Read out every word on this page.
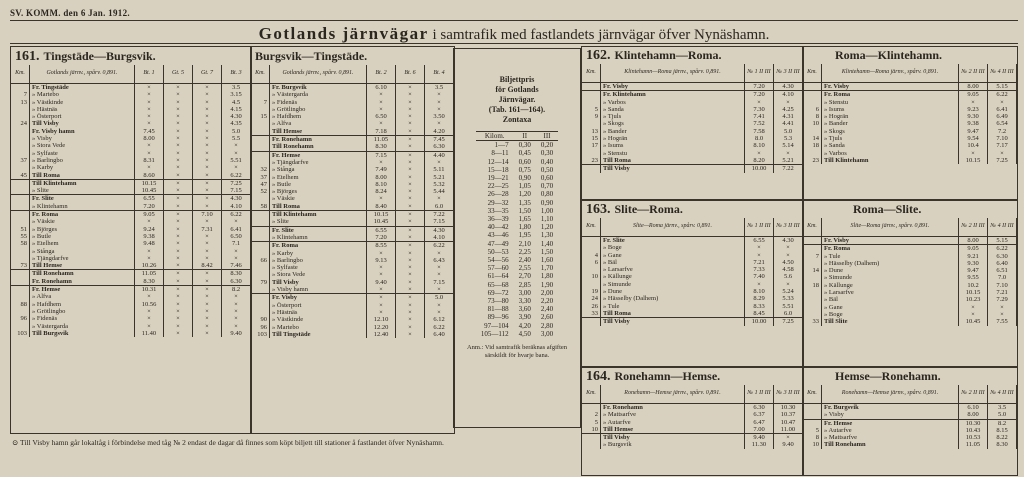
SV. KOMM. den 6 Jan. 1912.
Gotlands järnvägar i samtrafik med fastlandets järnvägar öfver Nynäshamn.
161. Tingstäde—Burgsvik.
Km.	Gotlands järnv., spårv. 0,891.	Bt. 1	Gt. 5	Gt. 7	Bt. 3
	Fr. Tingstäde	×	×	×	3.5
7	» Martebo	×	×	×	3.15
13	» Västkinde	×	×	×	4.5
	» Hästnäs	×	×	×	4.15
	» Österport	×	×	×	4.30
24	Till Visby	×	×	×	4.35
	Fr. Visby hamn	7.45	×	×	5.0
	» Visby	8.00	×	×	5.5
	» Stora Vede	×	×	×	×
	» Sylfaste	×	×	×	×
37	» Barlingbo	8.31	×	×	5.51
	» Karby	×	×	×	×
45	Till Roma	8.60	×	×	6.22
	Till Klintehamn	10.15	×	×	7.25
	» Slite	10.45	×	×	7.15
	Fr. Slite	6.55	×	×	4.30
	» Klintehamn	7.20	×	×	4.10
	Fr. Roma	9.05	×	7.10	6.22
	» Väskie	×	×	×	×
51	» Björges	9.24	×	7.31	6.41
55	» Butle	9.38	×	×	6.50
58	» Etelhem	9.48	×	×	7.1
	» Stånga	×	×	×	×
	» Tjängdarfve	×	×	×	×
73	Till Hemse	10.26	×	8.42	7.46
	Till Ronehamn	11.05	×	×	8.30
	Fr. Ronehamn	8.30	×	×	6.30
	Fr. Hemse	10.31	×	×	8.2
	» Alfva	×	×	×	×
88	» Hafdhem	10.56	×	×	×
	» Grötlingbo	×	×	×	×
96	» Fidenäs	×	×	×	×
	» Västergarda	×	×	×	×
103	Till Burgsvik	11.40	×	×	9.40
Burgsvik—Tingstäde.
Km.	Gotlands järnv., spårv. 0,891.	Bt. 2	Bt. 6	Bt. 4
	Fr. Burgsvik	6.10	×	3.5
	» Västergarda	×	×	×
7	» Fidenäs	×	×	×
	» Grötlingbo	×	×	×
15	» Hafdhem	6.50	×	3.50
	» Alfva	×	×	×
	Till Hemse	7.18	×	4.20
	Fr. Ronehamn	11.05	×	7.45
	Till Ronehamn	8.30	×	6.30
	Fr. Hemse	7.15	×	4.40
	» Tjängdarfve	×	×	×
32	» Stånga	7.49	×	5.11
37	» Etelhem	8.00	×	5.21
47	» Butle	8.10	×	5.32
52	» Björges	8.24	×	5.44
	» Väskie	×	×	×
58	Till Roma	8.40	×	6.0
	Till Klintehamn	10.15	×	7.22
	» Slite	10.45	×	7.15
	Fr. Slite	6.55	×	4.30
	» Klintehamn	7.20	×	4.10
	Fr. Roma	8.55	×	6.22
	» Karby	×	×	×
66	» Barlingbo	9.13	×	6.43
	» Sylfaste	×	×	×
	» Stora Vede	×	×	×
79	Till Visby	9.40	×	7.15
	» Visby hamn	×	×	×
	Fr. Visby	×	×	5.0
	» Österport	×	×	×
	» Hästnäs	×	×	×
90	» Västkinde	12.10	×	6.12
96	» Martebo	12.20	×	6.22
103	Till Tingstäde	12.40	×	6.40
Biljettpris
för Gotlands
Järnvägar.
(Tab. 161—164).
Zontaxa
Kilom.	II	III
1—7	0,30	0,20
8—11	0,45	0,30
12—14	0,60	0,40
15—18	0,75	0,50
19—21	0,90	0,60
22—25	1,05	0,70
26—28	1,20	0,80
29—32	1,35	0,90
33—35	1,50	1,00
36—39	1,65	1,10
40—42	1,80	1,20
43—46	1,95	1,30
47—49	2,10	1,40
50—53	2,25	1,50
54—56	2,40	1,60
57—60	2,55	1,70
61—64	2,70	1,80
65—68	2,85	1,90
69—72	3,00	2,00
73—80	3,30	2,20
81—88	3,60	2,40
89—96	3,90	2,60
97—104	4,20	2,80
105—112	4,50	3,00
Anm.: Vid samtrafik beräknas afgiften särskildt för hvarje bana.
162. Klintehamn—Roma.
Km.	Klintehamn—Roma järnv., spårv. 0,891.	№ 1 II III	№ 3 II III
	Fr. Visby	7.20	4.30
	Fr. Klintehamn	7.20	4.10
	» Varbos	×	×
5	» Sanda	7.30	4.25
9	» Tjuls	7.41	4.31
	» Skogs	7.52	4.41
13	» Bander	7.58	5.0
15	» Hogrän	8.0	5.3
17	» Isums	8.10	5.14
	» Stenstu	×	×
23	Till Roma	8.20	5.21
	Till Visby	10.00	7.22
Roma—Klintehamn.
Km.	Klintehamn—Roma järnv., spårv. 0,891.	№ 2 II III	№ 4 II III
	Fr. Visby	8.00	5.15
	Fr. Roma	9.05	6.22
	» Stenstu	×	×
6	» Isums	9.23	6.41
8	» Hogrän	9.30	6.49
10	» Bander	9.38	6.54
	» Skogs	9.47	7.2
14	» Tjuls	9.54	7.10
18	» Sanda	10.4	7.17
	» Varbos	×	×
23	Till Klintehamn	10.15	7.25
163. Slite—Roma.
Km.	Slite—Roma järnv., spårv. 0,891.	№ 1 II III	№ 3 II III
	Fr. Slite	6.55	4.30
	» Boge	×	×
4	» Gane	×	×
6	» Bäl	7.21	4.50
	» Larsarfve	7.33	4.58
10	» Källunge	7.40	5.6
	» Simunde	×	×
19	» Dune	8.10	5.24
24	» Hässelby (Dalhem)	8.29	5.33
26	» Tule	8.33	5.51
33	Till Roma	8.45	6.0
	Till Visby	10.00	7.25
Roma—Slite.
Km.	Slite—Roma järnv., spårv. 0,891.	№ 2 II III	№ 4 II III
	Fr. Visby	8.00	5.15
	Fr. Roma	9.05	6.22
7	» Tule	9.21	6.30
	» Hässelby (Dalhem)	9.30	6.40
14	» Dune	9.47	6.51
	» Simunde	9.55	7.0
18	» Källunge	10.2	7.10
	» Larsarfve	10.15	7.21
	» Bäl	10.23	7.29
	» Gane	×	×
	» Boge	×	×
33	Till Slite	10.45	7.55
164. Ronehamn—Hemse.
Km.	Ronehamn—Hemse järnv., spårv. 0,891.	№ 1 II III	№ 3 II III
	Fr. Ronehamn	6.30	10.30
2	» Mattsarfve	6.37	10.37
5	» Autarfve	6.47	10.47
10	Till Hemse	7.00	11.00
	Till Visby	9.40	×
	» Burgsvik	11.30	9.40
Hemse—Ronehamn.
Km.	Ronehamn—Hemse järnv., spårv. 0,891.	№ 2 II III	№ 4 II III
	Fr. Burgsvik	6.10	3.5
	» Visby	8.00	5.0
	Fr. Hemse	10.30	8.2
5	» Autarfve	10.43	8.15
8	» Mattsarfve	10.53	8.22
10	Till Ronehamn	11.05	8.30
⊙ Till Visby hamn går lokaltåg i förbindelse med tåg № 2 endast de dagar då finnes som köpt biljett till stationer å fastlandet öfver Nynäshamn.
